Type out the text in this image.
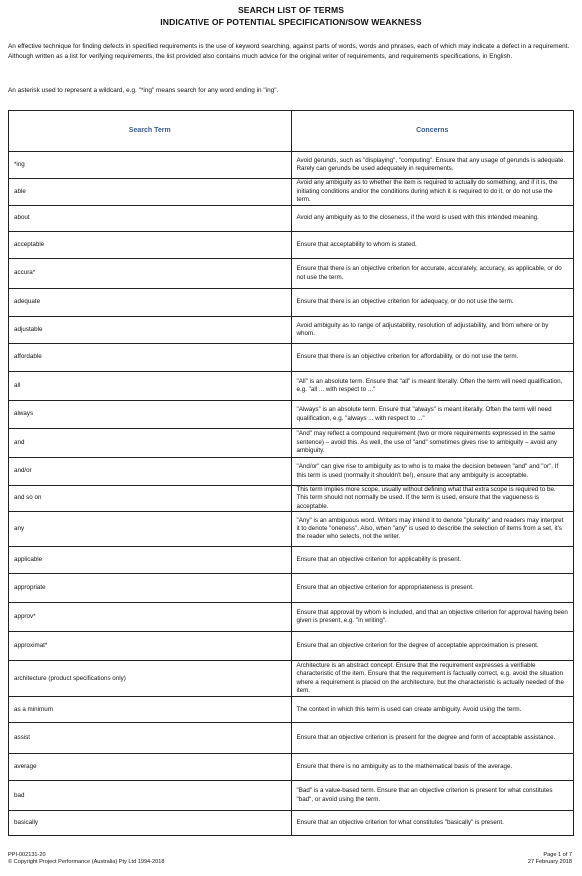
SEARCH LIST OF TERMS
INDICATIVE OF POTENTIAL SPECIFICATION/SOW WEAKNESS
An effective technique for finding defects in specified requirements is the use of keyword searching, against parts of words, words and phrases, each of which may indicate a defect in a requirement. Although written as a list for verifying requirements, the list provided also contains much advice for the original writer of requirements, and requirements specifications, in English.
An asterisk used to represent a wildcard, e.g. "*ing" means search for any word ending in "ing".
Search Term	Concerns
*ing	Avoid gerunds, such as "displaying", "computing". Ensure that any usage of gerunds is adequate. Rarely can gerunds be used adequately in requirements.
able	Avoid any ambiguity as to whether the item is required to actually do something, and if it is, the initiating conditions and/or the conditions during which it is required to do it, or do not use the term.
about	Avoid any ambiguity as to the closeness, if the word is used with this intended meaning.
acceptable	Ensure that acceptability to whom is stated.
accura*	Ensure that there is an objective criterion for accurate, accurately, accuracy, as applicable, or do not use the term.
adequate	Ensure that there is an objective criterion for adequacy, or do not use the term.
adjustable	Avoid ambiguity as to range of adjustability, resolution of adjustability, and from where or by whom.
affordable	Ensure that there is an objective criterion for affordability, or do not use the term.
all	"All" is an absolute term. Ensure that "all" is meant literally. Often the term will need qualification, e.g. "all ... with respect to ..."
always	"Always" is an absolute term. Ensure that "always" is meant literally. Often the term will need qualification, e.g. "always ... with respect to ..."
and	"And" may reflect a compound requirement (two or more requirements expressed in the same sentence) – avoid this. As well, the use of "and" sometimes gives rise to ambiguity – avoid any ambiguity.
and/or	"And/or" can give rise to ambiguity as to who is to make the decision between "and" and "or". If this term is used (normally it shouldn't be!), ensure that any ambiguity is acceptable.
and so on	This term implies more scope, usually without defining what that extra scope is required to be. This term should not normally be used. If the term is used, ensure that the vagueness is acceptable.
any	"Any" is an ambiguous word. Writers may intend it to denote "plurality" and readers may interpret it to denote "oneness". Also, when "any" is used to describe the selection of items from a set, it's the reader who selects, not the writer.
applicable	Ensure that an objective criterion for applicability is present.
appropriate	Ensure that an objective criterion for appropriateness is present.
approv*	Ensure that approval by whom is included, and that an objective criterion for approval having been given is present, e.g. "in writing".
approximat*	Ensure that an objective criterion for the degree of acceptable approximation is present.
architecture (product specifications only)	Architecture is an abstract concept. Ensure that the requirement expresses a verifiable characteristic of the item. Ensure that the requirement is factually correct, e.g. avoid the situation where a requirement is placed on the architecture, but the characteristic is actually needed of the item.
as a minimum	The context in which this term is used can create ambiguity. Avoid using the term.
assist	Ensure that an objective criterion is present for the degree and form of acceptable assistance.
average	Ensure that there is no ambiguity as to the mathematical basis of the average.
bad	"Bad" is a value-based term. Ensure that an objective criterion is present for what constitutes "bad", or avoid using the term.
basically	Ensure that an objective criterion for what constitutes "basically" is present.
PPI-002131-20
© Copyright Project Performance (Australia) Pty Ltd 1994-2018
Page 1 of 7
27 February 2018
